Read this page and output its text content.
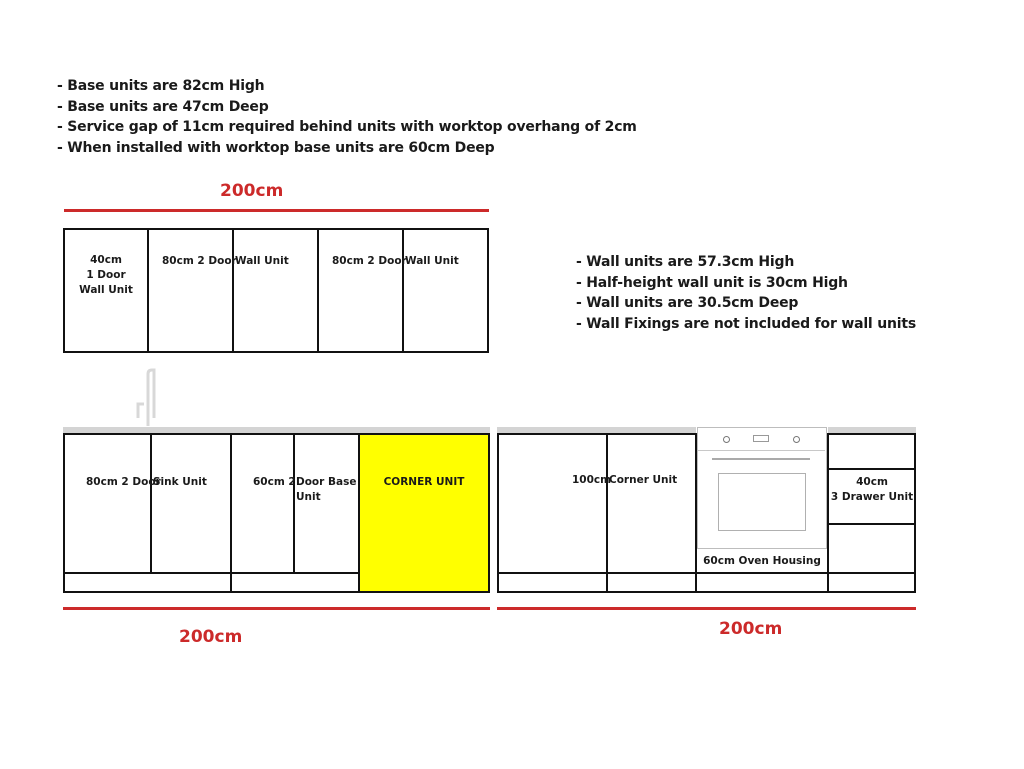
- Base units are 82cm High
- Base units are 47cm Deep
- Service gap of 11cm required behind units with worktop overhang of 2cm
- When installed with worktop base units are 60cm Deep
200cm
40cm
1 Door
Wall Unit
80cm 2 Door
Wall Unit	80cm 2 Door
Wall Unit	- Wall units are 57.3cm High
- Half-height wall unit is 30cm High
- Wall units are 30.5cm Deep
- Wall Fixings are not included for wall units
80cm 2 Door
Sink Unit	60cm 2 Door Base
Unit
CORNER UNIT
200cm
100cm
Corner Unit
60cm Oven Housing
40cm
3 Drawer Unit
200cm
